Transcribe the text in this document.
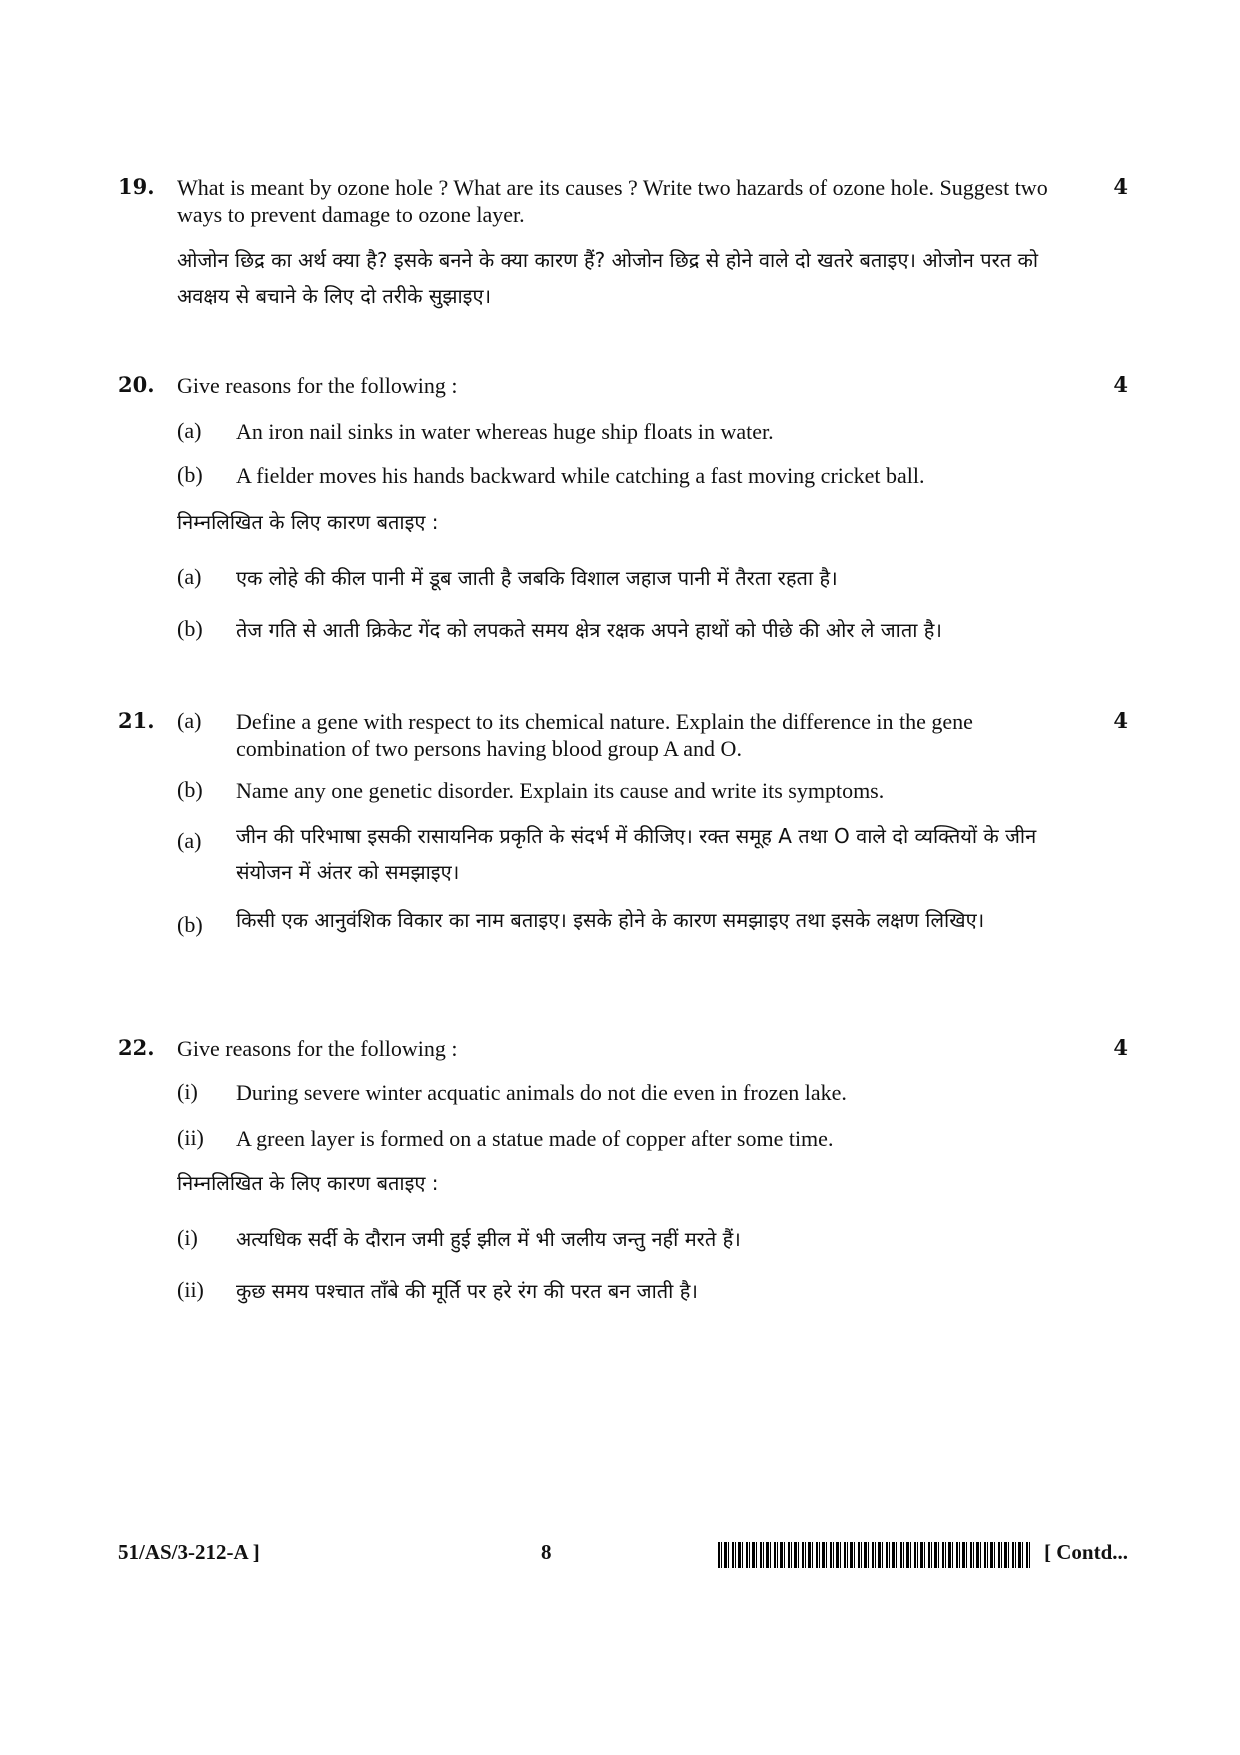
19.	4
What is meant by ozone hole ? What are its causes ? Write two hazards of ozone hole. Suggest two ways to prevent damage to ozone layer.
ओजोन छिद्र का अर्थ क्या है? इसके बनने के क्या कारण हैं? ओजोन छिद्र से होने वाले दो खतरे बताइए। ओजोन परत को अवक्षय से बचाने के लिए दो तरीके सुझाइए।
20.	4
Give reasons for the following :
(a) An iron nail sinks in water whereas huge ship floats in water.
(b) A fielder moves his hands backward while catching a fast moving cricket ball.
निम्नलिखित के लिए कारण बताइए :
(a) एक लोहे की कील पानी में डूब जाती है जबकि विशाल जहाज पानी में तैरता रहता है।
(b) तेज गति से आती क्रिकेट गेंद को लपकते समय क्षेत्र रक्षक अपने हाथों को पीछे की ओर ले जाता है।
21.	4
(a) Define a gene with respect to its chemical nature. Explain the difference in the gene combination of two persons having blood group A and O.
(b) Name any one genetic disorder. Explain its cause and write its symptoms.
(a) जीन की परिभाषा इसकी रासायनिक प्रकृति के संदर्भ में कीजिए। रक्त समूह A तथा O वाले दो व्यक्तियों के जीन संयोजन में अंतर को समझाइए।
(b) किसी एक आनुवंशिक विकार का नाम बताइए। इसके होने के कारण समझाइए तथा इसके लक्षण लिखिए।
22.	4
Give reasons for the following :
(i) During severe winter acquatic animals do not die even in frozen lake.
(ii) A green layer is formed on a statue made of copper after some time.
निम्नलिखित के लिए कारण बताइए :
(i) अत्यधिक सर्दी के दौरान जमी हुई झील में भी जलीय जन्तु नहीं मरते हैं।
(ii) कुछ समय पश्चात ताँबे की मूर्ति पर हरे रंग की परत बन जाती है।
51/AS/3-212-A ]	8	[ Contd...
